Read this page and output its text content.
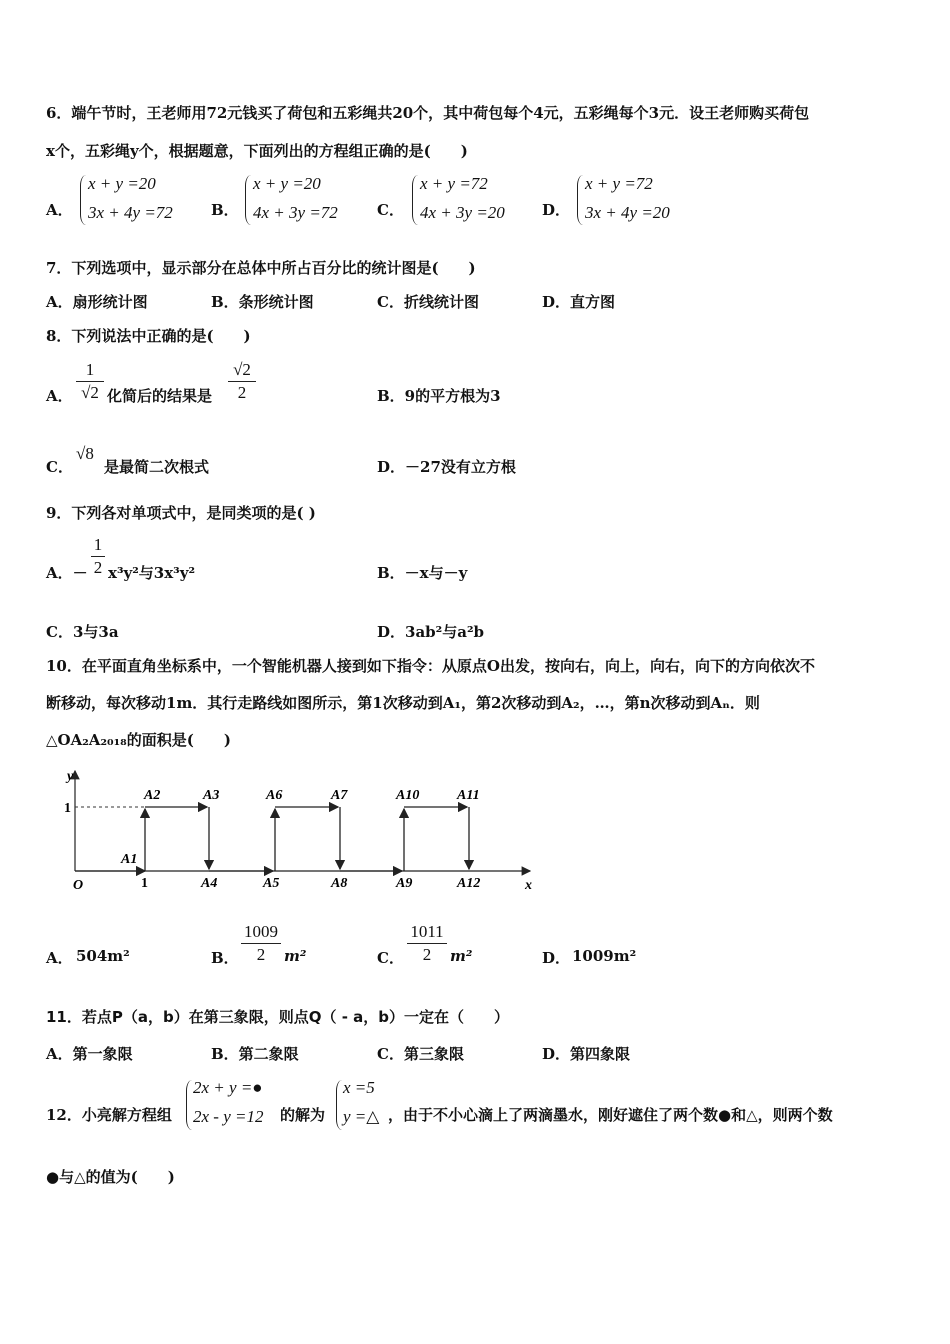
6．端午节时，王老师用72元钱买了荷包和五彩绳共20个，其中荷包每个4元，五彩绳每个3元．设王老师购买荷包
x个，五彩绳y个，根据题意，下面列出的方程组正确的是(　　)
A．
x + y =20
3x + 4y =72	B．
x + y =20
4x + 3y =72	C．
x + y =72
4x + 3y =20 D．
x + y =72
3x + 4y =20
7．下列选项中，显示部分在总体中所占百分比的统计图是(　　)
A．扇形统计图	B．条形统计图	C．折线统计图	D．直方图
8．下列说法中正确的是(　　)
A．
1
√2 化简后的结果是
√2
2	B．9的平方根为3
C．
√8
是最简二次根式	D．－27没有立方根
9．下列各对单项式中，是同类项的是( )
A．－
1
2 x³y²与3x³y²	B．－x与－y
C．3与3a	D．3ab²与a²b
10．在平面直角坐标系中，一个智能机器人接到如下指令：从原点O出发，按向右，向上，向右，向下的方向依次不
断移动，每次移动1m．其行走路线如图所示，第1次移动到A₁，第2次移动到A₂，…，第n次移动到Aₙ．则
△OA₂A₂₀₁₈的面积是(　　)
y
x
O	1
1
A1
A2	A3
A4	A5
A6	A7
A8	A9
A10	A11
A12
A． 504m²	B．
1009
2	m²	C．
1011
2	m²	D． 1009m²
11．若点P（a，b）在第三象限，则点Q（ - a，b）一定在（　　）
A．第一象限	B．第二象限	C．第三象限	D．第四象限
12．小亮解方程组
2x + y =●
2x - y =12 的解为
x =5
y =△ ，由于不小心滴上了两滴墨水，刚好遮住了两个数●和△，则两个数
●与△的值为(　　)
